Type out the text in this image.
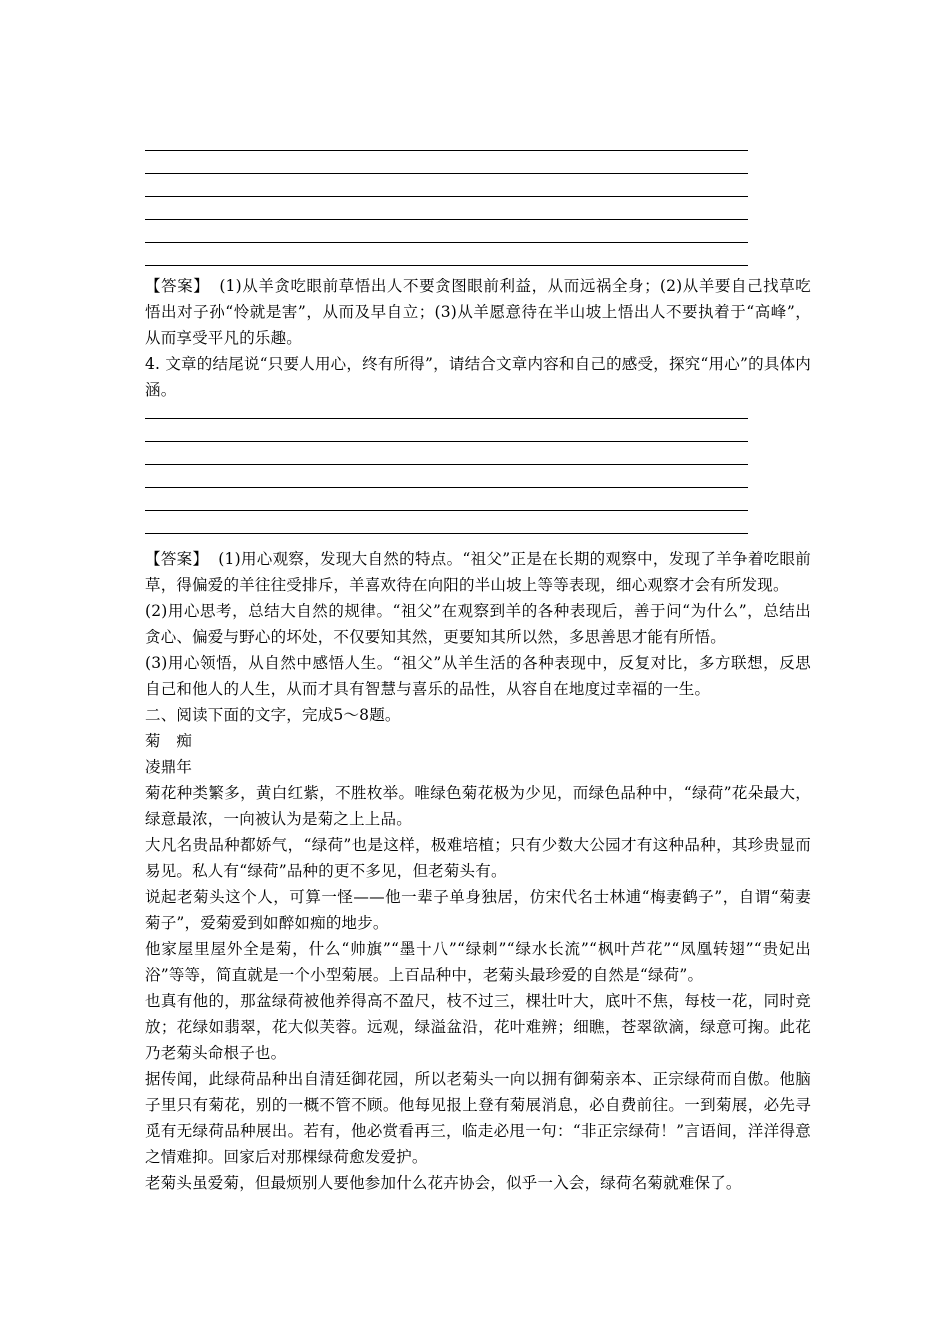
【答案】 (1)从羊贪吃眼前草悟出人不要贪图眼前利益，从而远祸全身；(2)从羊要自己找草吃悟出对子孙“怜就是害”，从而及早自立；(3)从羊愿意待在半山坡上悟出人不要执着于“高峰”，从而享受平凡的乐趣。

4. 文章的结尾说“只要人用心，终有所得”，请结合文章内容和自己的感受，探究“用心”的具体内涵。

【答案】 (1)用心观察，发现大自然的特点。“祖父”正是在长期的观察中，发现了羊争着吃眼前草，得偏爱的羊往往受排斥，羊喜欢待在向阳的半山坡上等等表现，细心观察才会有所发现。

(2)用心思考，总结大自然的规律。“祖父”在观察到羊的各种表现后，善于问“为什么”，总结出贪心、偏爱与野心的坏处，不仅要知其然，更要知其所以然，多思善思才能有所悟。

(3)用心领悟，从自然中感悟人生。“祖父”从羊生活的各种表现中，反复对比，多方联想，反思自己和他人的人生，从而才具有智慧与喜乐的品性，从容自在地度过幸福的一生。

二、阅读下面的文字，完成5～8题。

菊　痴

凌鼎年

菊花种类繁多，黄白红紫，不胜枚举。唯绿色菊花极为少见，而绿色品种中，“绿荷”花朵最大，绿意最浓，一向被认为是菊之上上品。

大凡名贵品种都娇气，“绿荷”也是这样，极难培植；只有少数大公园才有这种品种，其珍贵显而易见。私人有“绿荷”品种的更不多见，但老菊头有。

说起老菊头这个人，可算一怪——他一辈子单身独居，仿宋代名士林逋“梅妻鹤子”，自谓“菊妻菊子”，爱菊爱到如醉如痴的地步。

他家屋里屋外全是菊，什么“帅旗”“墨十八”“绿刺”“绿水长流”“枫叶芦花”“凤凰转翅”“贵妃出浴”等等，简直就是一个小型菊展。上百品种中，老菊头最珍爱的自然是“绿荷”。

也真有他的，那盆绿荷被他养得高不盈尺，枝不过三，棵壮叶大，底叶不焦，每枝一花，同时竞放；花绿如翡翠，花大似芙蓉。远观，绿溢盆沿，花叶难辨；细瞧，苍翠欲滴，绿意可掬。此花乃老菊头命根子也。

据传闻，此绿荷品种出自清廷御花园，所以老菊头一向以拥有御菊亲本、正宗绿荷而自傲。他脑子里只有菊花，别的一概不管不顾。他每见报上登有菊展消息，必自费前往。一到菊展，必先寻觅有无绿荷品种展出。若有，他必赏看再三，临走必甩一句：“非正宗绿荷！”言语间，洋洋得意之情难抑。回家后对那棵绿荷愈发爱护。

老菊头虽爱菊，但最烦别人要他参加什么花卉协会，似乎一入会，绿荷名菊就难保了。
